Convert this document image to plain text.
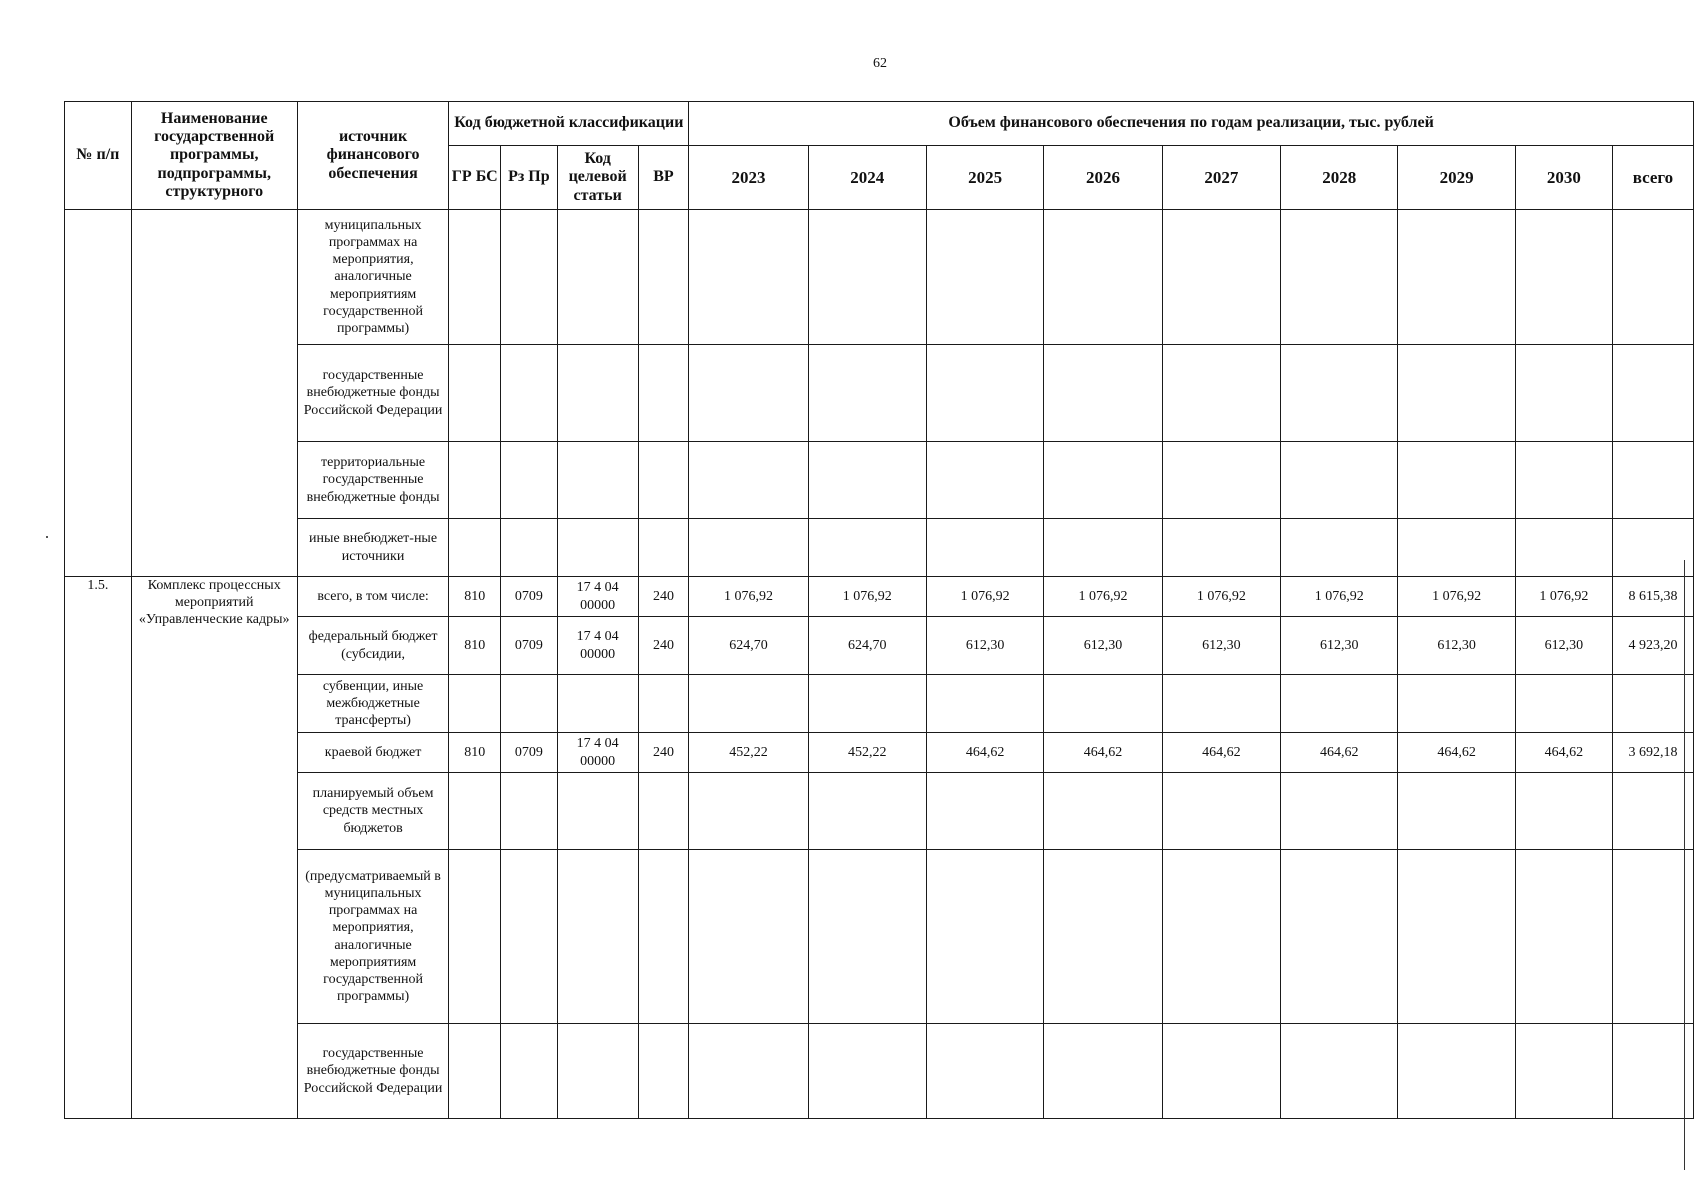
62
№ п/п	Наименование государственной программы, подпрограммы, структурного	источник финансового обеспечения	Код бюджетной классификации				Объем финансового обеспечения по годам реализации, тыс. рублей								
			ГР БС	Рз Пр	Код целевой статьи	ВР	2023	2024	2025	2026	2027	2028	2029	2030	всего
		муниципальных программах на мероприятия, аналогичные мероприятиям государственной программы)													
		государственные внебюджетные фонды Российской Федерации													
		территориальные государственные внебюджетные фонды													
		иные внебюджет-ные источники													
1.5.	Комплекс процессных мероприятий «Управленческие кадры»	всего, в том числе:	810	0709	17 4 04 00000	240	1 076,92	1 076,92	1 076,92	1 076,92	1 076,92	1 076,92	1 076,92	1 076,92	8 615,38
		федеральный бюджет (субсидии,	810	0709	17 4 04 00000	240	624,70	624,70	612,30	612,30	612,30	612,30	612,30	612,30	4 923,20
		субвенции, иные межбюджетные трансферты)													
		краевой бюджет	810	0709	17 4 04 00000	240	452,22	452,22	464,62	464,62	464,62	464,62	464,62	464,62	3 692,18
		планируемый объем средств местных бюджетов													
		(предусматриваемый в муниципальных программах на мероприятия, аналогичные мероприятиям государственной программы)													
		государственные внебюджетные фонды Российской Федерации													
